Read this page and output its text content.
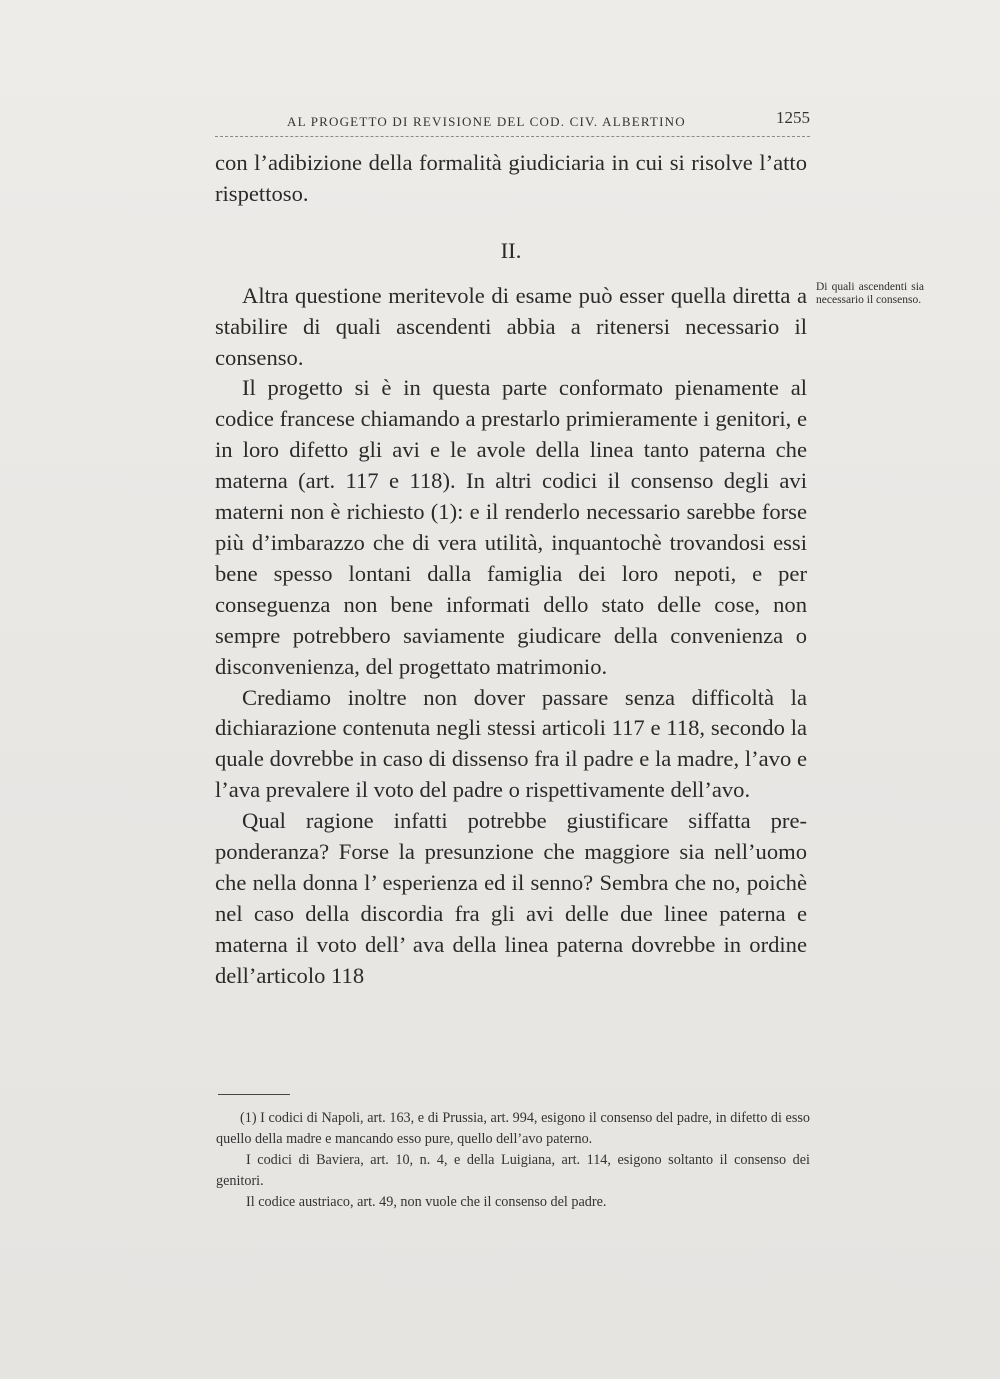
AL PROGETTO DI REVISIONE DEL COD. CIV. ALBERTINO	1255

con l’adibizione della formalità giudiciaria in cui si risolve l’atto rispettoso.

II.

Altra questione meritevole di esame può esser quella diretta a stabilire di quali ascendenti abbia a ritenersi necessario il consenso.

Il progetto si è in questa parte conformato pienamente al codice francese chiamando a prestarlo primieramente i genitori, e in loro difetto gli avi e le avole della linea tanto paterna che materna (art. 117 e 118). In altri codici il consenso degli avi materni non è richiesto (1): e il renderlo necessario sarebbe forse più d’imbarazzo che di vera utilità, inquantochè trovandosi essi bene spesso lontani dalla famiglia dei loro nepoti, e per conseguenza non bene informati dello stato delle cose, non sempre potrebbero saviamente giudicare della convenienza o disconvenienza, del progettato matrimonio.

Crediamo inoltre non dover passare senza difficoltà la dichiarazione contenuta negli stessi articoli 117 e 118, secondo la quale dovrebbe in caso di dissenso fra il padre e la madre, l’avo e l’ava prevalere il voto del padre o rispettivamente dell’avo.

Qual ragione infatti potrebbe giustificare siffatta preponderanza? Forse la presunzione che maggiore sia nell’uomo che nella donna l’ esperienza ed il senno? Sembra che no, poichè nel caso della discordia fra gli avi delle due linee paterna e materna il voto dell’ ava della linea paterna dovrebbe in ordine dell’articolo 118

Di quali ascendenti sia necessario il consenso.

(1) I codici di Napoli, art. 163, e di Prussia, art. 994, esigono il consenso del padre, in difetto di esso quello della madre e mancando esso pure, quello dell’avo paterno.

I codici di Baviera, art. 10, n. 4, e della Luigiana, art. 114, esigono soltanto il consenso dei genitori.

Il codice austriaco, art. 49, non vuole che il consenso del padre.
